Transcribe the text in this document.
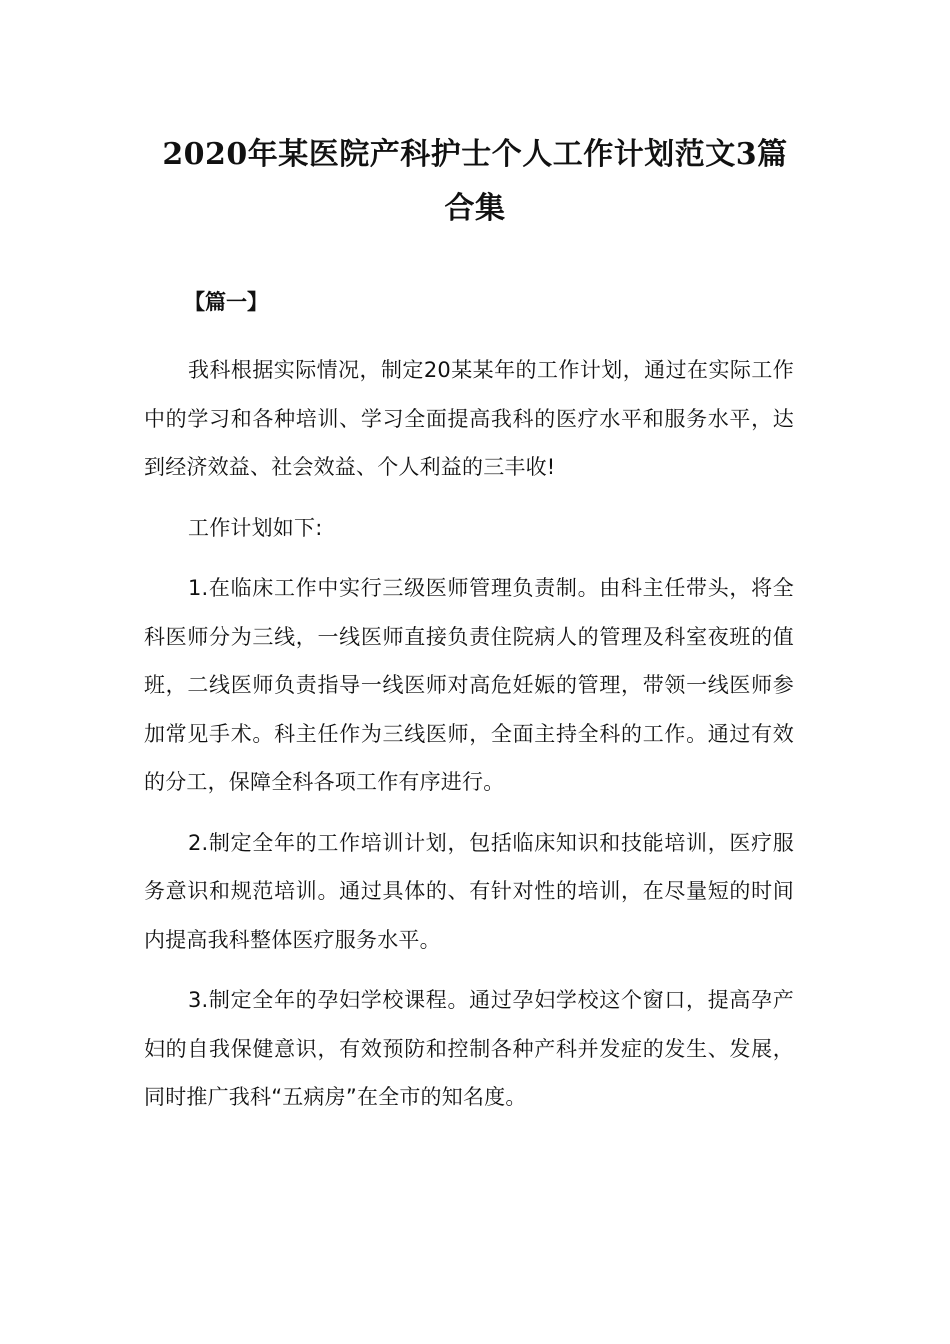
2020年某医院产科护士个人工作计划范文3篇合集

【篇一】

我科根据实际情况，制定20某某年的工作计划，通过在实际工作中的学习和各种培训、学习全面提高我科的医疗水平和服务水平，达到经济效益、社会效益、个人利益的三丰收!

工作计划如下:

1.在临床工作中实行三级医师管理负责制。由科主任带头，将全科医师分为三线，一线医师直接负责住院病人的管理及科室夜班的值班，二线医师负责指导一线医师对高危妊娠的管理，带领一线医师参加常见手术。科主任作为三线医师，全面主持全科的工作。通过有效的分工，保障全科各项工作有序进行。

2.制定全年的工作培训计划，包括临床知识和技能培训，医疗服务意识和规范培训。通过具体的、有针对性的培训，在尽量短的时间内提高我科整体医疗服务水平。

3.制定全年的孕妇学校课程。通过孕妇学校这个窗口，提高孕产妇的自我保健意识，有效预防和控制各种产科并发症的发生、发展，同时推广我科“五病房”在全市的知名度。
